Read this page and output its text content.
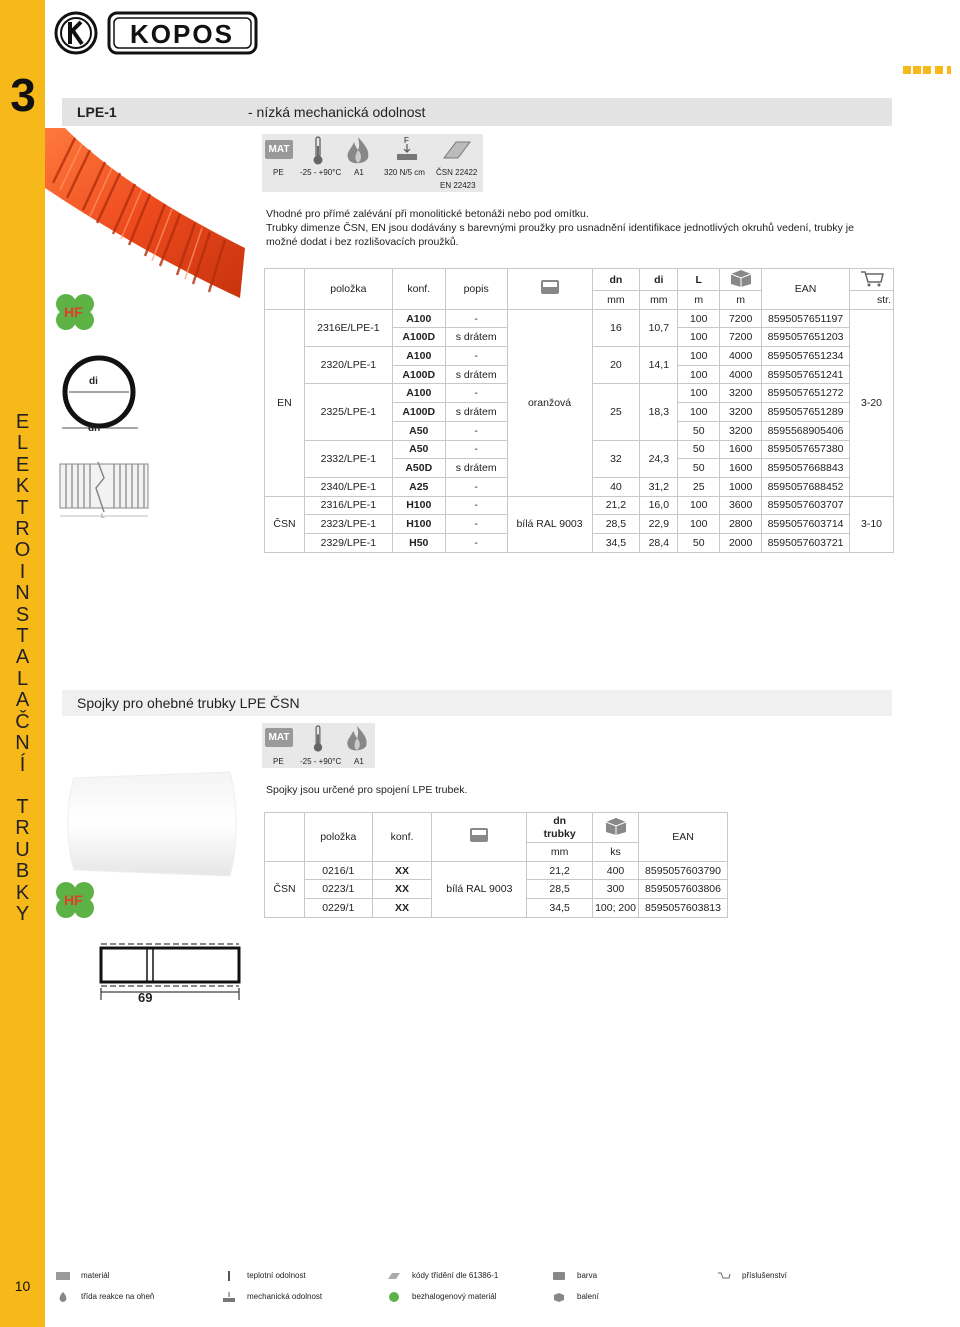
3
E
L
E
K
T
R
O
I
N
S
T
A
L
A
Č
N
Í
T
R
U
B
K
Y
10
KOPOS
LPE-1	- nízká mechanická odolnost
MAT
F
PE -25 - +90°C A1	320 N/5 cm ČSN 22422
EN 22423
Vhodné pro přímé zalévání při monolitické betonáži nebo pod omítku.
Trubky dimenze ČSN, EN jsou dodávány s barevnými proužky pro usnadnění identifikace jednotlivých okruhů vedení, trubky je
možné dodat i bez rozlišovacích proužků.
HF
di
dn
L
	položka	konf.	popis		dn	di	L		EAN	
					mm	mm	m	m		str.
EN	2316E/LPE-1	A100	-	oranžová	16	10,7	100	7200	8595057651197	3-20
		A100D	s drátem				100	7200	8595057651203	
	2320/LPE-1	A100	-		20	14,1	100	4000	8595057651234	
		A100D	s drátem				100	4000	8595057651241	
	2325/LPE-1	A100	-		25	18,3	100	3200	8595057651272	
		A100D	s drátem				100	3200	8595057651289	
		A50	-				50	3200	8595568905406	
	2332/LPE-1	A50	-		32	24,3	50	1600	8595057657380	
		A50D	s drátem				50	1600	8595057668843	
	2340/LPE-1	A25	-		40	31,2	25	1000	8595057688452	
ČSN	2316/LPE-1	H100	-	bílá RAL 9003	21,2	16,0	100	3600	8595057603707	3-10
	2323/LPE-1	H100	-		28,5	22,9	100	2800	8595057603714	
	2329/LPE-1	H50	-		34,5	28,4	50	2000	8595057603721	
Spojky pro ohebné trubky LPE ČSN
MAT
PE -25 - +90°C A1
Spojky jsou určené pro spojení LPE trubek.
HF
69
	položka	konf.		dn
trubky		EAN
				mm	ks	
ČSN	0216/1	XX	bílá RAL 9003	21,2	400	8595057603790
	0223/1	XX		28,5	300	8595057603806
	0229/1	XX		34,5	100; 200	8595057603813
materiál	teplotní odolnost	kódy třídění dle 61386-1	barva	příslušenství
třída reakce na oheň	mechanická odolnost	bezhalogenový materiál	balení
